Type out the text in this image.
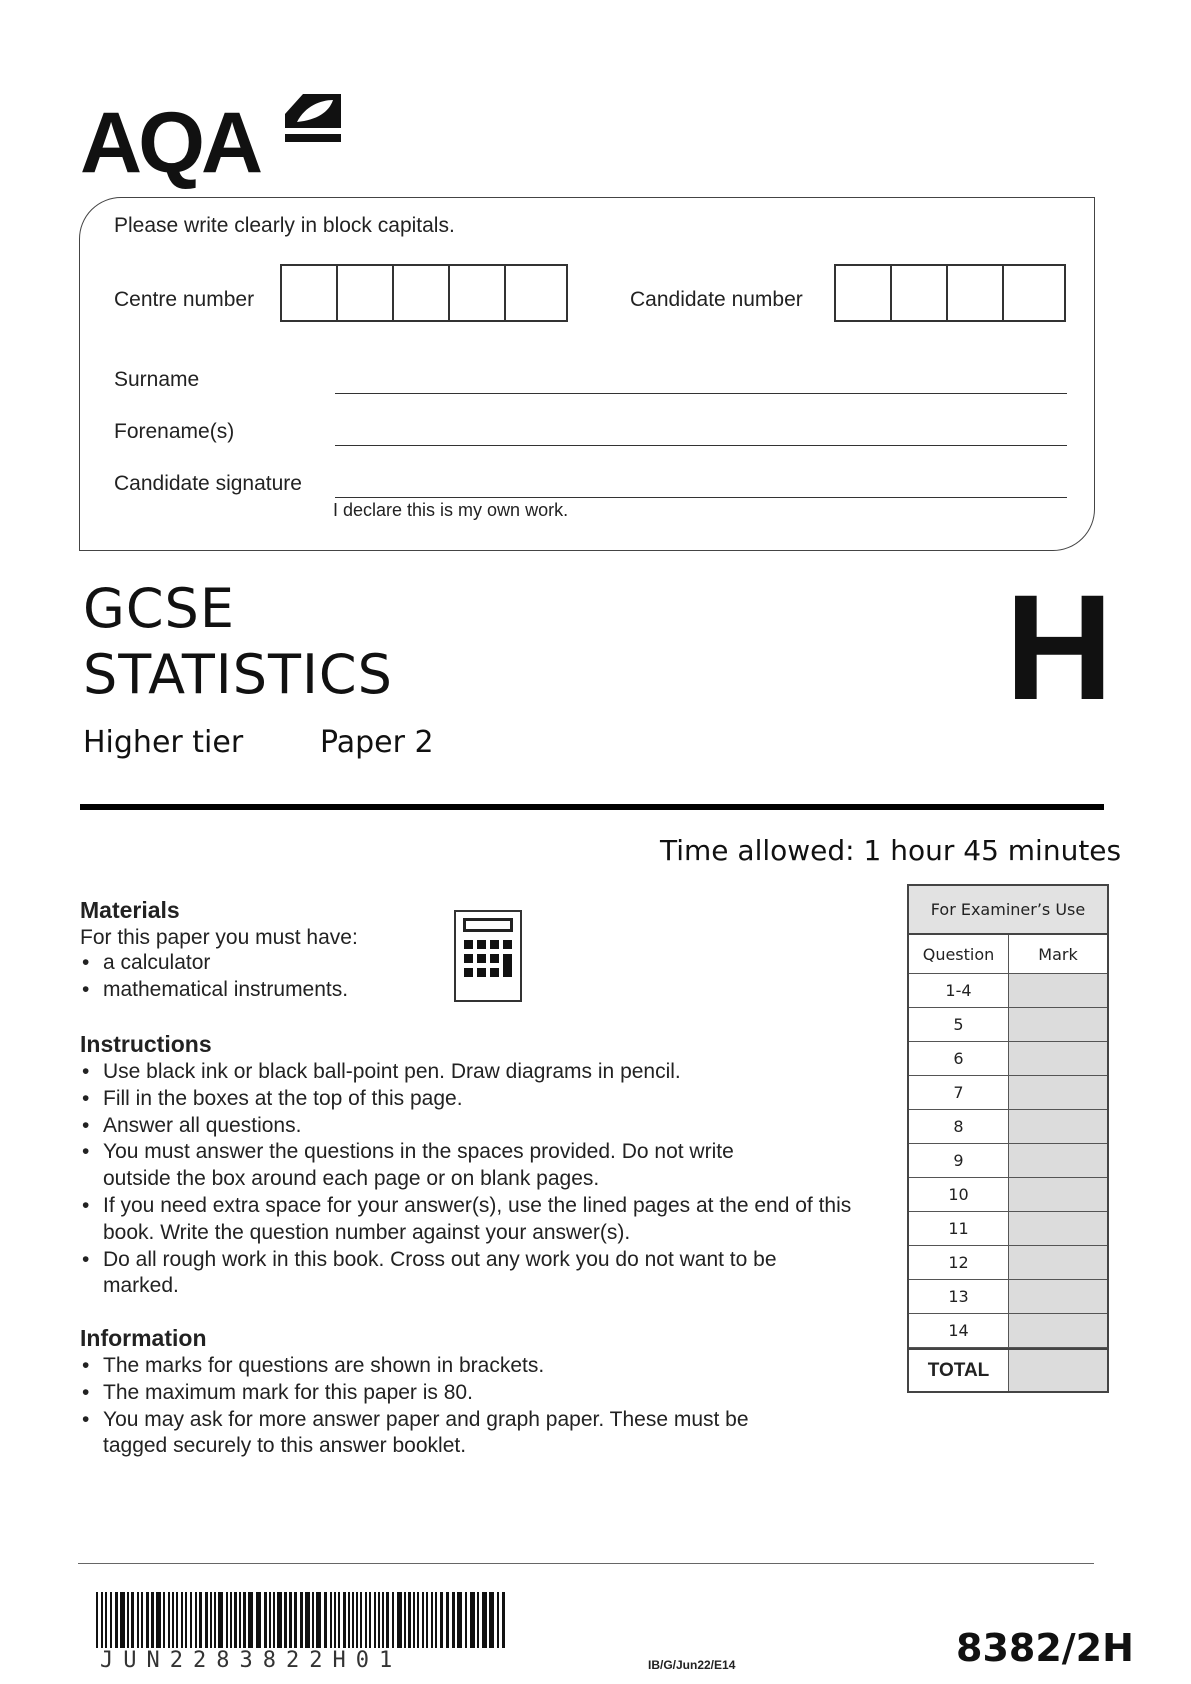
AQA
Please write clearly in block capitals.
Centre number	Candidate number
Surname
Forename(s)
Candidate signature
I declare this is my own work.
GCSE
STATISTICS
Higher tier	Paper 2
H
Time allowed: 1 hour 45 minutes
Materials
For this paper you must have:
• a calculator
• mathematical instruments.
Instructions
• Use black ink or black ball-point pen. Draw diagrams in pencil.
• Fill in the boxes at the top of this page.
• Answer all questions.
• You must answer the questions in the spaces provided. Do not write outside the box around each page or on blank pages.
• If you need extra space for your answer(s), use the lined pages at the end of this book. Write the question number against your answer(s).
• Do all rough work in this book. Cross out any work you do not want to be marked.
Information
• The marks for questions are shown in brackets.
• The maximum mark for this paper is 80.
• You may ask for more answer paper and graph paper. These must be tagged securely to this answer booklet.
For Examiner’s Use
Question	Mark
1-4
5
6
7
8
9
10
11
12
13
14
TOTAL
JUN2283822H01	IB/G/Jun22/E14	8382/2H
